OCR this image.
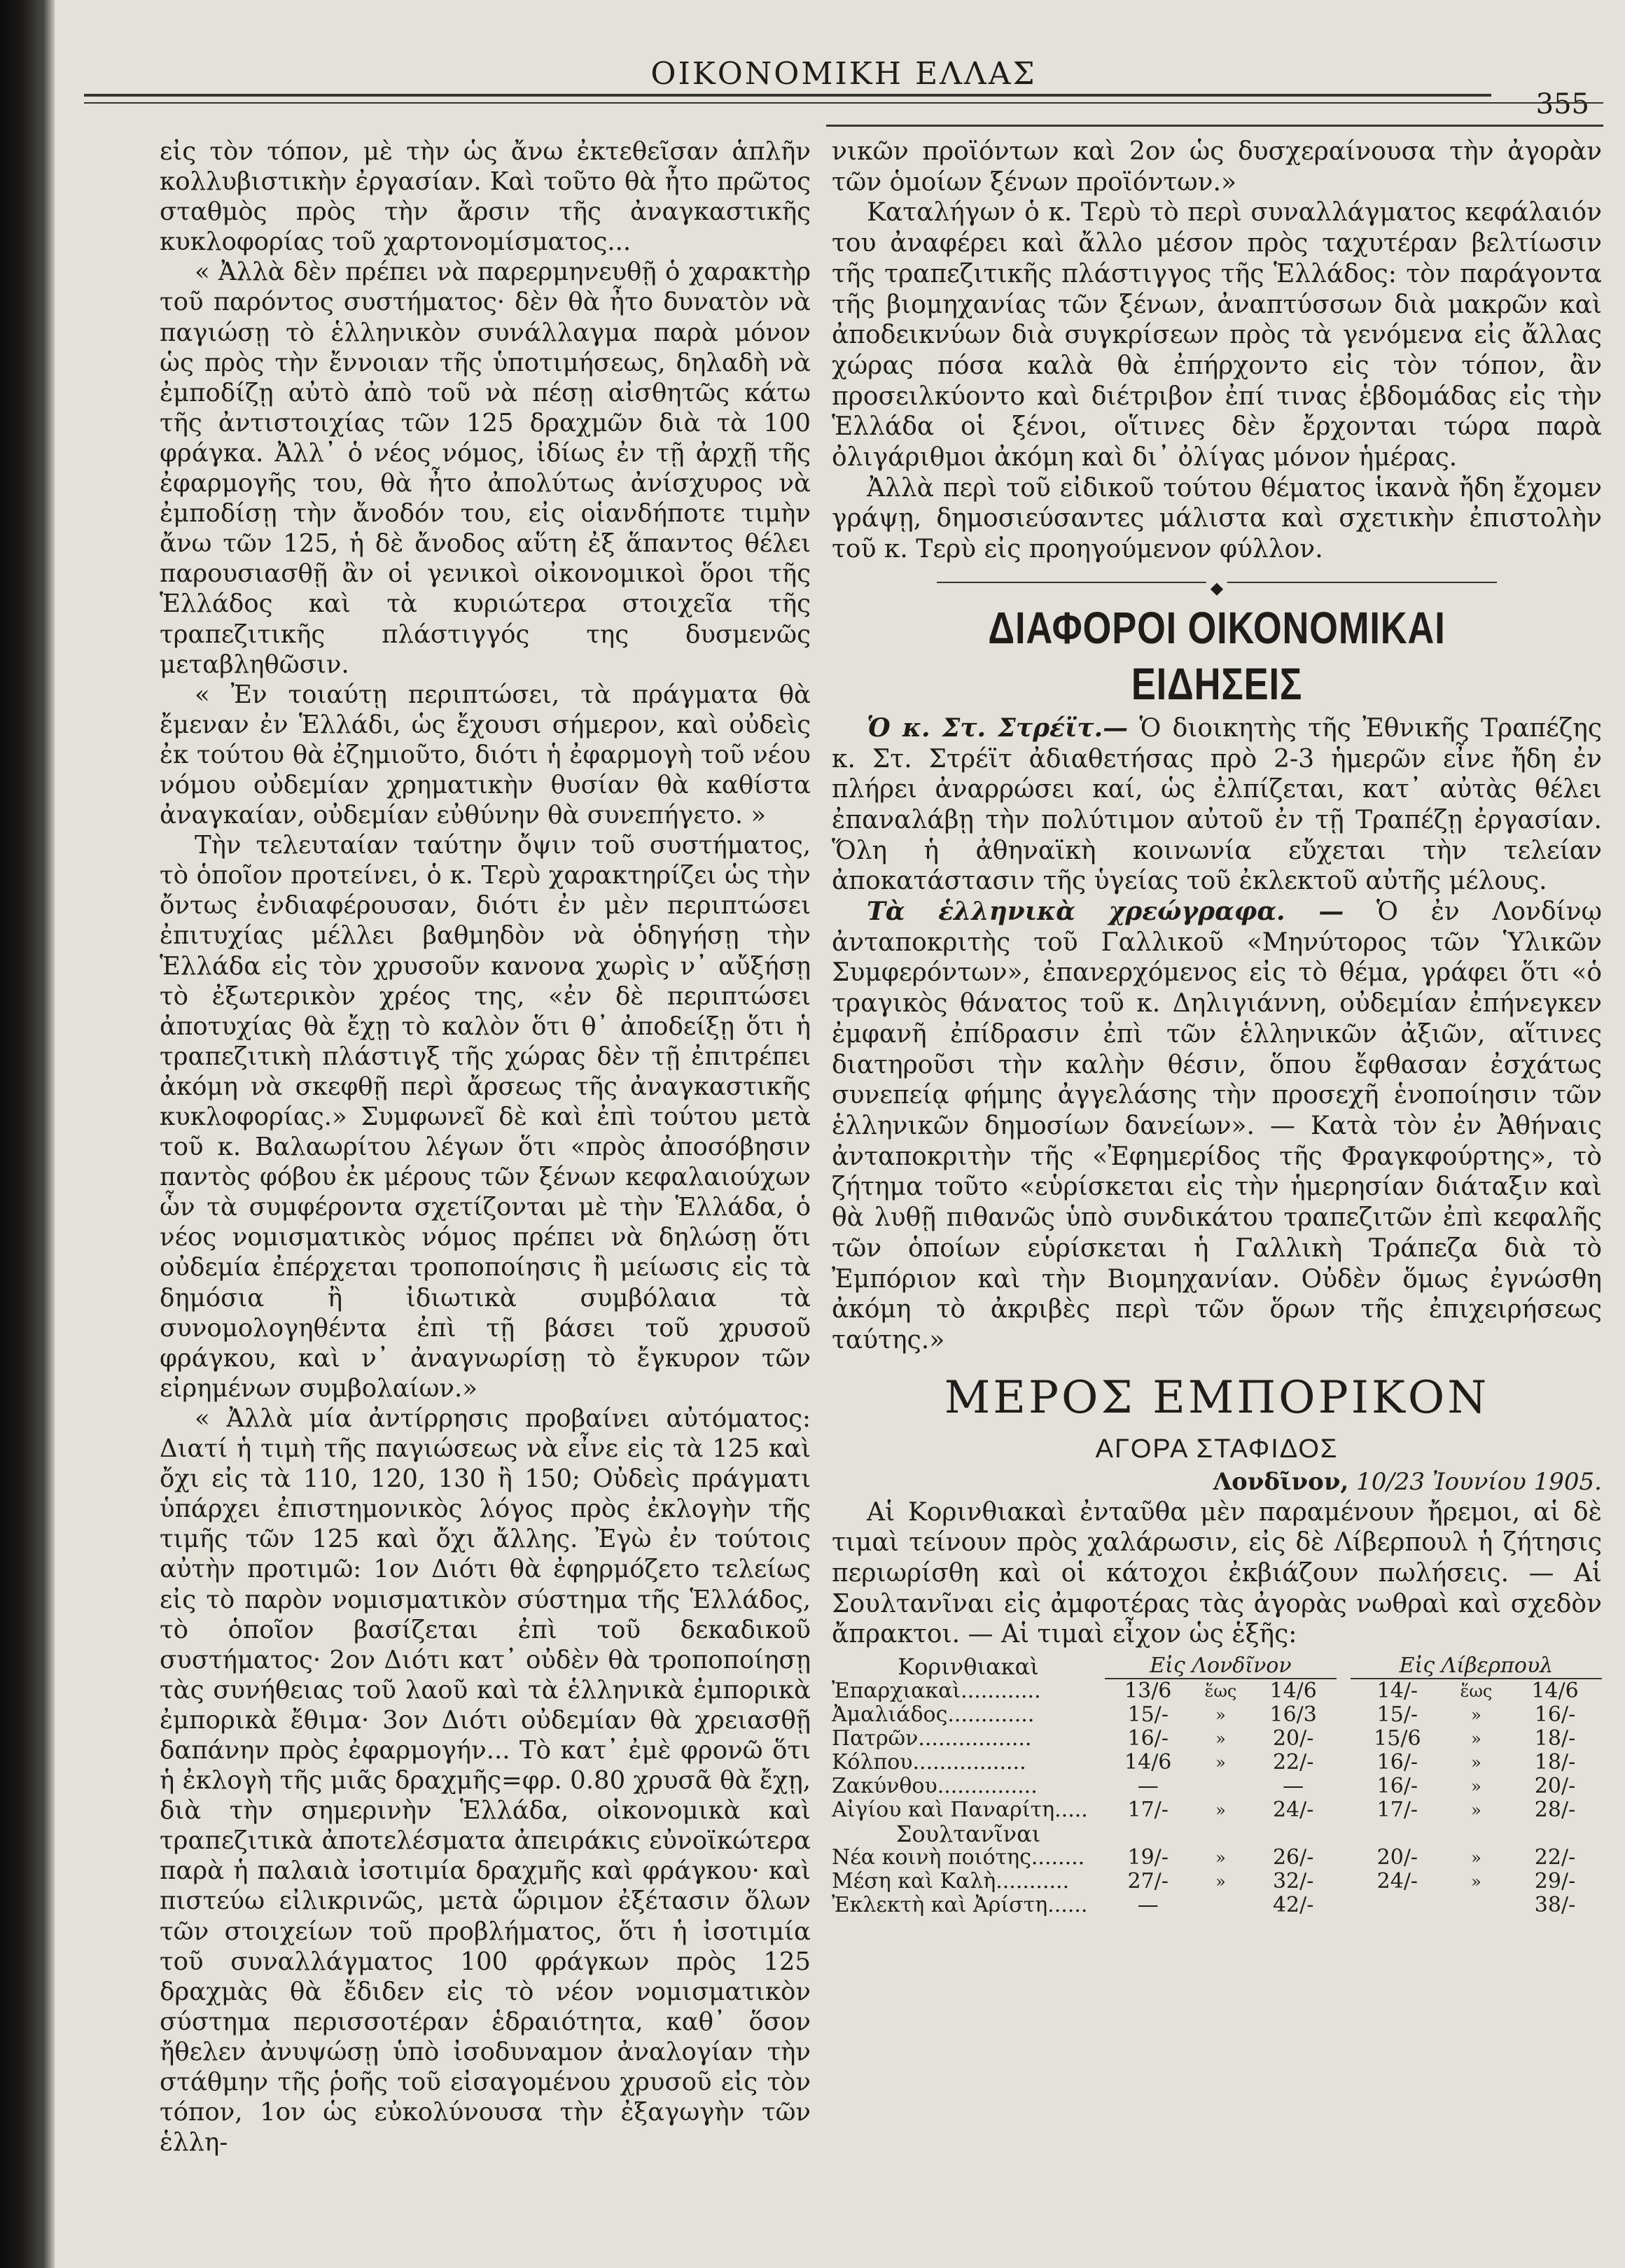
ΟΙΚΟΝΟΜΙΚΗ ΕΛΛΑΣ
355

εἰς τὸν τόπον, μὲ τὴν ὡς ἄνω ἐκτεθεῖσαν ἁπλῆν κολλυβιστικὴν ἐργασίαν. Καὶ τοῦτο θὰ ἦτο πρῶτος σταθμὸς πρὸς τὴν ἄρσιν τῆς ἀναγκαστικῆς κυκλοφορίας τοῦ χαρτονομίσματος...

« Ἀλλὰ δὲν πρέπει νὰ παρερμηνευθῇ ὁ χαρακτὴρ τοῦ παρόντος συστήματος· δὲν θὰ ἦτο δυνατὸν νὰ παγιώσῃ τὸ ἑλληνικὸν συνάλλαγμα παρὰ μόνον ὡς πρὸς τὴν ἔννοιαν τῆς ὑποτιμήσεως, δηλαδὴ νὰ ἐμποδίζῃ αὐτὸ ἀπὸ τοῦ νὰ πέσῃ αἰσθητῶς κάτω τῆς ἀντιστοιχίας τῶν 125 δραχμῶν διὰ τὰ 100 φράγκα. Ἀλλ᾽ ὁ νέος νόμος, ἰδίως ἐν τῇ ἀρχῇ τῆς ἐφαρμογῆς του, θὰ ἦτο ἀπολύτως ἀνίσχυρος νὰ ἐμποδίσῃ τὴν ἄνοδόν του, εἰς οἱανδήποτε τιμὴν ἄνω τῶν 125, ἡ δὲ ἄνοδος αὕτη ἐξ ἅπαντος θέλει παρουσιασθῇ ἂν οἱ γενικοὶ οἰκονομικοὶ ὅροι τῆς Ἑλλάδος καὶ τὰ κυριώτερα στοιχεῖα τῆς τραπεζιτικῆς πλάστιγγός της δυσμενῶς μεταβληθῶσιν.

« Ἐν τοιαύτῃ περιπτώσει, τὰ πράγματα θὰ ἔμεναν ἐν Ἑλλάδι, ὡς ἔχουσι σήμερον, καὶ οὐδεὶς ἐκ τούτου θὰ ἐζημιοῦτο, διότι ἡ ἐφαρμογὴ τοῦ νέου νόμου οὐδεμίαν χρηματικὴν θυσίαν θὰ καθίστα ἀναγκαίαν, οὐδεμίαν εὐθύνην θὰ συνεπήγετο. »

Τὴν τελευταίαν ταύτην ὄψιν τοῦ συστήματος, τὸ ὁποῖον προτείνει, ὁ κ. Τερὺ χαρακτηρίζει ὡς τὴν ὄντως ἐνδιαφέρουσαν, διότι ἐν μὲν περιπτώσει ἐπιτυχίας μέλλει βαθμηδὸν νὰ ὁδηγήσῃ τὴν Ἑλλάδα εἰς τὸν χρυσοῦν κανονα χωρὶς ν᾽ αὔξήσῃ τὸ ἐξωτερικὸν χρέος της, «ἐν δὲ περιπτώσει ἀποτυχίας θὰ ἔχῃ τὸ καλὸν ὅτι θ᾽ ἀποδείξῃ ὅτι ἡ τραπεζιτικὴ πλάστιγξ τῆς χώρας δὲν τῇ ἐπιτρέπει ἀκόμη νὰ σκεφθῇ περὶ ἄρσεως τῆς ἀναγκαστικῆς κυκλοφορίας.» Συμφωνεῖ δὲ καὶ ἐπὶ τούτου μετὰ τοῦ κ. Βαλαωρίτου λέγων ὅτι «πρὸς ἀποσόβησιν παντὸς φόβου ἐκ μέρους τῶν ξένων κεφαλαιούχων ὧν τὰ συμφέροντα σχετίζονται μὲ τὴν Ἑλλάδα, ὁ νέος νομισματικὸς νόμος πρέπει νὰ δηλώσῃ ὅτι οὐδεμία ἐπέρχεται τροποποίησις ἢ μείωσις εἰς τὰ δημόσια ἢ ἰδιωτικὰ συμβόλαια τὰ συνομολογηθέντα ἐπὶ τῇ βάσει τοῦ χρυσοῦ φράγκου, καὶ ν᾽ ἀναγνωρίσῃ τὸ ἔγκυρον τῶν εἰρημένων συμβολαίων.»

« Ἀλλὰ μία ἀντίρρησις προβαίνει αὐτόματος: Διατί ἡ τιμὴ τῆς παγιώσεως νὰ εἶνε εἰς τὰ 125 καὶ ὄχι εἰς τὰ 110, 120, 130 ἢ 150; Οὐδεὶς πράγματι ὑπάρχει ἐπιστημονικὸς λόγος πρὸς ἐκλογὴν τῆς τιμῆς τῶν 125 καὶ ὄχι ἄλλης. Ἐγὼ ἐν τούτοις αὐτὴν προτιμῶ: 1ον Διότι θὰ ἐφηρμόζετο τελείως εἰς τὸ παρὸν νομισματικὸν σύστημα τῆς Ἑλλάδος, τὸ ὁποῖον βασίζεται ἐπὶ τοῦ δεκαδικοῦ συστήματος· 2ον Διότι κατ᾽ οὐδὲν θὰ τροποποίησῃ τὰς συνήθειας τοῦ λαοῦ καὶ τὰ ἑλληνικὰ ἐμπορικὰ ἐμπορικὰ ἔθιμα· 3ον Διότι οὐδεμίαν θὰ χρειασθῇ δαπάνην πρὸς ἐφαρμογήν... Τὸ κατ᾽ ἐμὲ φρονῶ ὅτι ἡ ἐκλογὴ τῆς μιᾶς δραχμῆς=φρ. 0.80 χρυσᾶ θὰ ἔχῃ, διὰ τὴν σημερινὴν Ἑλλάδα, οἰκονομικὰ καὶ τραπεζιτικὰ ἀποτελέσματα ἀπειράκις εὐνοϊκώτερα παρὰ ἡ παλαιὰ ἰσοτιμία δραχμῆς καὶ φράγκου· καὶ πιστεύω εἰλικρινῶς, μετὰ ὥριμον ἐξέτασιν ὅλων τῶν στοιχείων τοῦ προβλήματος, ὅτι ἡ ἰσοτιμία τοῦ συναλλάγματος 100 φράγκων πρὸς 125 δραχμὰς θὰ ἔδιδεν εἰς τὸ νέον νομισματικὸν σύστημα περισσοτέραν ἑδραιότητα, καθ᾽ ὅσον ἤθελεν ἀνυψώσῃ ὑπὸ ἰσοδυναμον ἀναλογίαν τὴν στάθμην τῆς ῥοῆς τοῦ εἰσαγομένου χρυσοῦ εἰς τὸν τόπον, 1ον ὡς εὐκολύνουσα τὴν ἐξαγωγὴν τῶν ἑλλη-

νικῶν προϊόντων καὶ 2ον ὡς δυσχεραίνουσα τὴν ἀγορὰν τῶν ὁμοίων ξένων προϊόντων.»

Καταλήγων ὁ κ. Τερὺ τὸ περὶ συναλλάγματος κεφάλαιόν του ἀναφέρει καὶ ἄλλο μέσον πρὸς ταχυτέραν βελτίωσιν τῆς τραπεζιτικῆς πλάστιγγος τῆς Ἑλλάδος: τὸν παράγοντα τῆς βιομηχανίας τῶν ξένων, ἀναπτύσσων διὰ μακρῶν καὶ ἀποδεικνύων διὰ συγκρίσεων πρὸς τὰ γενόμενα εἰς ἄλλας χώρας πόσα καλὰ θὰ ἐπήρχοντο εἰς τὸν τόπον, ἂν προσειλκύοντο καὶ διέτριβον ἐπί τινας ἑβδομάδας εἰς τὴν Ἑλλάδα οἱ ξένοι, οἵτινες δὲν ἔρχονται τώρα παρὰ ὀλιγάριθμοι ἀκόμη καὶ δι᾽ ὀλίγας μόνον ἡμέρας.

Ἀλλὰ περὶ τοῦ εἰδικοῦ τούτου θέματος ἱκανὰ ἤδη ἔχομεν γράψῃ, δημοσιεύσαντες μάλιστα καὶ σχετικὴν ἐπιστολὴν τοῦ κ. Τερὺ εἰς προηγούμενον φύλλον.

◆
ΔΙΑΦΟΡΟΙ ΟΙΚΟΝΟΜΙΚΑΙ ΕΙΔΗΣΕΙΣ

Ὁ κ. Στ. Στρέϊτ.— Ὁ διοικητὴς τῆς Ἐθνικῆς Τραπέζης κ. Στ. Στρέϊτ ἀδιαθετήσας πρὸ 2-3 ἡμερῶν εἶνε ἤδη ἐν πλήρει ἀναρρώσει καί, ὡς ἐλπίζεται, κατ᾽ αὐτὰς θέλει ἐπαναλάβῃ τὴν πολύτιμον αὐτοῦ ἐν τῇ Τραπέζῃ ἐργασίαν. Ὅλη ἡ ἀθηναϊκὴ κοινωνία εὔχεται τὴν τελείαν ἀποκατάστασιν τῆς ὑγείας τοῦ ἐκλεκτοῦ αὐτῆς μέλους.

Τὰ ἑλληνικὰ χρεώγραφα. — Ὁ ἐν Λονδίνῳ ἀνταποκριτὴς τοῦ Γαλλικοῦ «Μηνύτορος τῶν Ὑλικῶν Συμφερόντων», ἐπανερχόμενος εἰς τὸ θέμα, γράφει ὅτι «ὁ τραγικὸς θάνατος τοῦ κ. Δηλιγιάννη, οὐδεμίαν ἐπήνεγκεν ἐμφανῆ ἐπίδρασιν ἐπὶ τῶν ἑλληνικῶν ἀξιῶν, αἵτινες διατηροῦσι τὴν καλὴν θέσιν, ὅπου ἔφθασαν ἐσχάτως συνεπείᾳ φήμης ἀγγελάσης τὴν προσεχῆ ἑνοποίησιν τῶν ἑλληνικῶν δημοσίων δανείων». — Κατὰ τὸν ἐν Ἀθήναις ἀνταποκριτὴν τῆς «Ἐφημερίδος τῆς Φραγκφούρτης», τὸ ζήτημα τοῦτο «εὑρίσκεται εἰς τὴν ἡμερησίαν διάταξιν καὶ θὰ λυθῇ πιθανῶς ὑπὸ συνδικάτου τραπεζιτῶν ἐπὶ κεφαλῆς τῶν ὁποίων εὑρίσκεται ἡ Γαλλικὴ Τράπεζα διὰ τὸ Ἐμπόριον καὶ τὴν Βιομηχανίαν. Οὐδὲν ὅμως ἐγνώσθη ἀκόμη τὸ ἀκριβὲς περὶ τῶν ὅρων τῆς ἐπιχειρήσεως ταύτης.»

ΜΕΡΟΣ ΕΜΠΟΡΙΚΟΝ
ΑΓΟΡΑ ΣΤΑΦΙΔΟΣ
Λονδῖνον, 10/23 Ἰουνίου 1905.

Αἱ Κορινθιακαὶ ἐνταῦθα μὲν παραμένουν ἤρεμοι, αἱ δὲ τιμαὶ τείνουν πρὸς χαλάρωσιν, εἰς δὲ Λίβερπουλ ἡ ζήτησις περιωρίσθη καὶ οἱ κάτοχοι ἐκβιάζουν πωλήσεις. — Αἱ Σουλτανῖναι εἰς ἀμφοτέρας τὰς ἀγορὰς νωθραὶ καὶ σχεδὸν ἄπρακτοι. — Αἱ τιμαὶ εἶχον ὡς ἑξῆς:

Κορινθιακαὶ	Εἰς Λονδῖνον				Εἰς Λίβερπουλ		
Ἐπαρχιακαὶ............	13/6	ἕως	14/6		14/-	ἕως	14/6
Ἀμαλιάδος.............	15/-	»	16/3		15/-	»	16/-
Πατρῶν.................	16/-	»	20/-		15/6	»	18/-
Κόλπου.................	14/6	»	22/-		16/-	»	18/-
Ζακύνθου...............	—		—		16/-	»	20/-
Αἰγίου καὶ Παναρίτη.....	17/-	»	24/-		17/-	»	28/-
Σουλτανῖναι							
Νέα κοινὴ ποιότης........	19/-	»	26/-		20/-	»	22/-
Μέση καὶ Καλὴ...........	27/-	»	32/-		24/-	»	29/-
Ἐκλεκτὴ καὶ Ἀρίστη......	—		42/-				38/-
